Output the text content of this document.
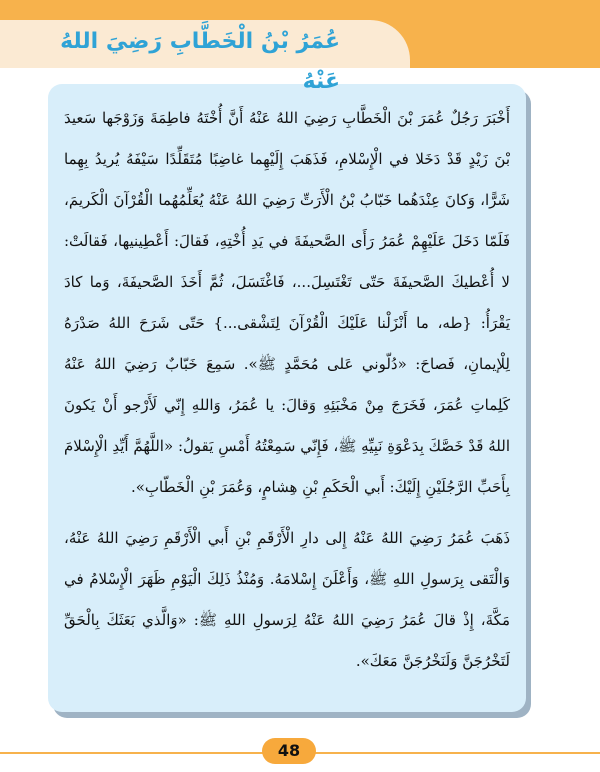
عُمَرُ بْنُ الْخَطَّابِ رَضِيَ اللهُ عَنْهُ

أَخْبَرَ رَجُلٌ عُمَرَ بْنَ الْخَطَّابِ رَضِيَ اللهُ عَنْهُ أَنَّ أُخْتَهُ فاطِمَةَ وَزَوْجَها سَعيدَ بْنَ زَيْدٍ قَدْ دَخَلا في الْإِسْلامِ، فَذَهَبَ إِلَيْهِما غاضِبًا مُتَقَلِّدًا سَيْفَهُ يُريدُ بِهِما شَرًّا، وَكانَ عِنْدَهُما خَبّابُ بْنُ الْأَرَتِّ رَضِيَ اللهُ عَنْهُ يُعَلِّمُهُما الْقُرْآنَ الْكَريمَ، فَلَمّا دَخَلَ عَلَيْهِمْ عُمَرُ رَأَى الصَّحيفَةَ في يَدِ أُخْتِهِ، فَقالَ: أَعْطِينيها، فَقالَتْ: لا أُعْطيكَ الصَّحيفَةَ حَتّى تَغْتَسِلَ...، فَاغْتَسَلَ، ثُمَّ أَخَذَ الصَّحيفَةَ، وَما كادَ يَقْرَأُ: {طه، ما أَنْزَلْنا عَلَيْكَ الْقُرْآنَ لِتَشْقى...} حَتّى شَرَحَ اللهُ صَدْرَهُ لِلْإيمانِ، فَصاحَ: «دُلّوني عَلى مُحَمَّدٍ ﷺ». سَمِعَ خَبّابٌ رَضِيَ اللهُ عَنْهُ كَلِماتِ عُمَرَ، فَخَرَجَ مِنْ مَخْبَئِهِ وَقالَ: يا عُمَرُ، وَاللهِ إِنّي لَأَرْجو أَنْ يَكونَ اللهُ قَدْ خَصَّكَ بِدَعْوَةِ نَبِيِّهِ ﷺ، فَإِنّي سَمِعْتُهُ أَمْسِ يَقولُ: «اللَّهُمَّ أَيِّدِ الْإِسْلامَ بِأَحَبِّ الرَّجُلَيْنِ إِلَيْكَ: أَبي الْحَكَمِ بْنِ هِشامٍ، وَعُمَرَ بْنِ الْخَطّابِ».

ذَهَبَ عُمَرُ رَضِيَ اللهُ عَنْهُ إِلى دارِ الْأَرْقَمِ بْنِ أَبي الْأَرْقَمِ رَضِيَ اللهُ عَنْهُ، وَالْتَقى بِرَسولِ اللهِ ﷺ، وَأَعْلَنَ إِسْلامَهُ. وَمُنْذُ ذَلِكَ الْيَوْمِ ظَهَرَ الْإِسْلامُ في مَكَّةَ، إِذْ قالَ عُمَرُ رَضِيَ اللهُ عَنْهُ لِرَسولِ اللهِ ﷺ: «وَالَّذي بَعَثَكَ بِالْحَقِّ لَتَخْرُجَنَّ وَلَنَخْرُجَنَّ مَعَكَ».

48
